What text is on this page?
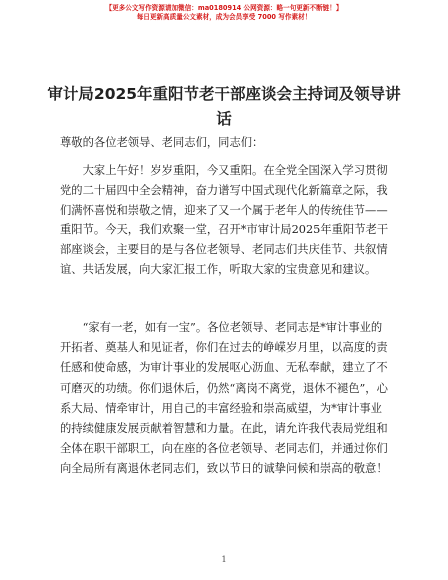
【更多公文写作资源请加微信：ma0180914 公网资源：略一句更新不断链！】
每日更新高质量公文素材，成为会员享受 7000 写作素材！
审计局2025年重阳节老干部座谈会主持词及领导讲话
尊敬的各位老领导、老同志们，同志们：

大家上午好！岁岁重阳，今又重阳。在全党全国深入学习贯彻党的二十届四中全会精神，奋力谱写中国式现代化新篇章之际，我们满怀喜悦和崇敬之情，迎来了又一个属于老年人的传统佳节——重阳节。今天，我们欢聚一堂，召开*市审计局2025年重阳节老干部座谈会，主要目的是与各位老领导、老同志们共庆佳节、共叙情谊、共话发展，向大家汇报工作，听取大家的宝贵意见和建议。

“家有一老，如有一宝”。各位老领导、老同志是*审计事业的开拓者、奠基人和见证者，你们在过去的峥嵘岁月里，以高度的责任感和使命感，为审计事业的发展呕心沥血、无私奉献，建立了不可磨灭的功绩。你们退休后，仍然“离岗不离党，退休不褪色”，心系大局、情牵审计，用自己的丰富经验和崇高威望，为*审计事业的持续健康发展贡献着智慧和力量。在此，请允许我代表局党组和全体在职干部职工，向在座的各位老领导、老同志们，并通过你们向全局所有离退休老同志们，致以节日的诚挚问候和崇高的敬意！

1
